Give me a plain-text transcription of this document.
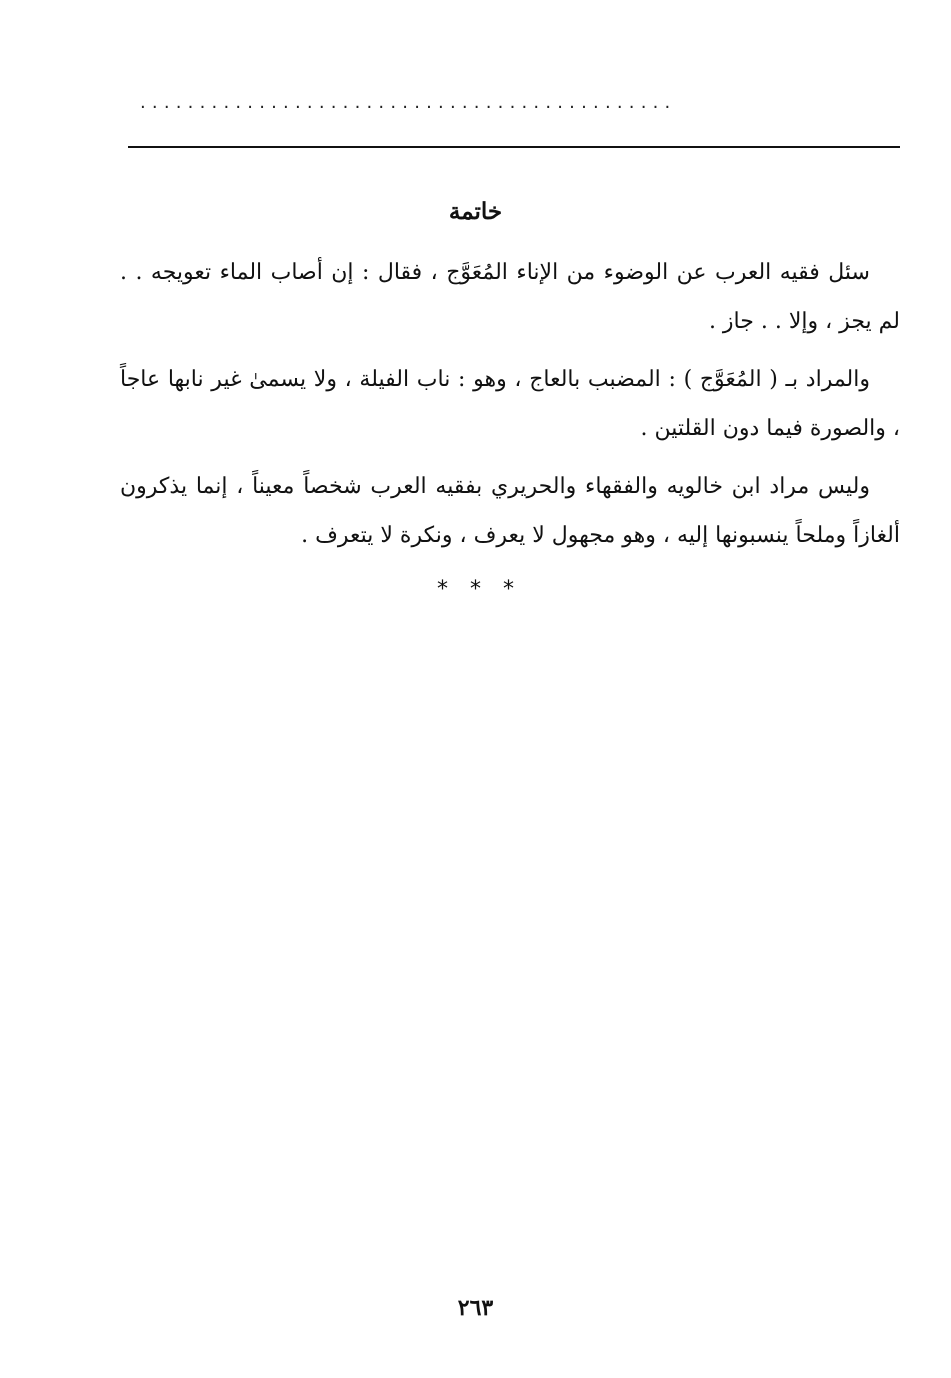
.............................................
خاتمة

سئل فقيه العرب عن الوضوء من الإناء المُعَوَّج ، فقال : إن أصاب الماء تعويجه . . لم يجز ، وإلا . . جاز .

والمراد بـ ( المُعَوَّج ) : المضبب بالعاج ، وهو : ناب الفيلة ، ولا يسمىٰ غير نابها عاجاً ، والصورة فيما دون القلتين .

وليس مراد ابن خالويه والفقهاء والحريري بفقيه العرب شخصاً معيناً ، إنما يذكرون ألغازاً وملحاً ينسبونها إليه ، وهو مجهول لا يعرف ، ونكرة لا يتعرف .

***
٢٦٣
